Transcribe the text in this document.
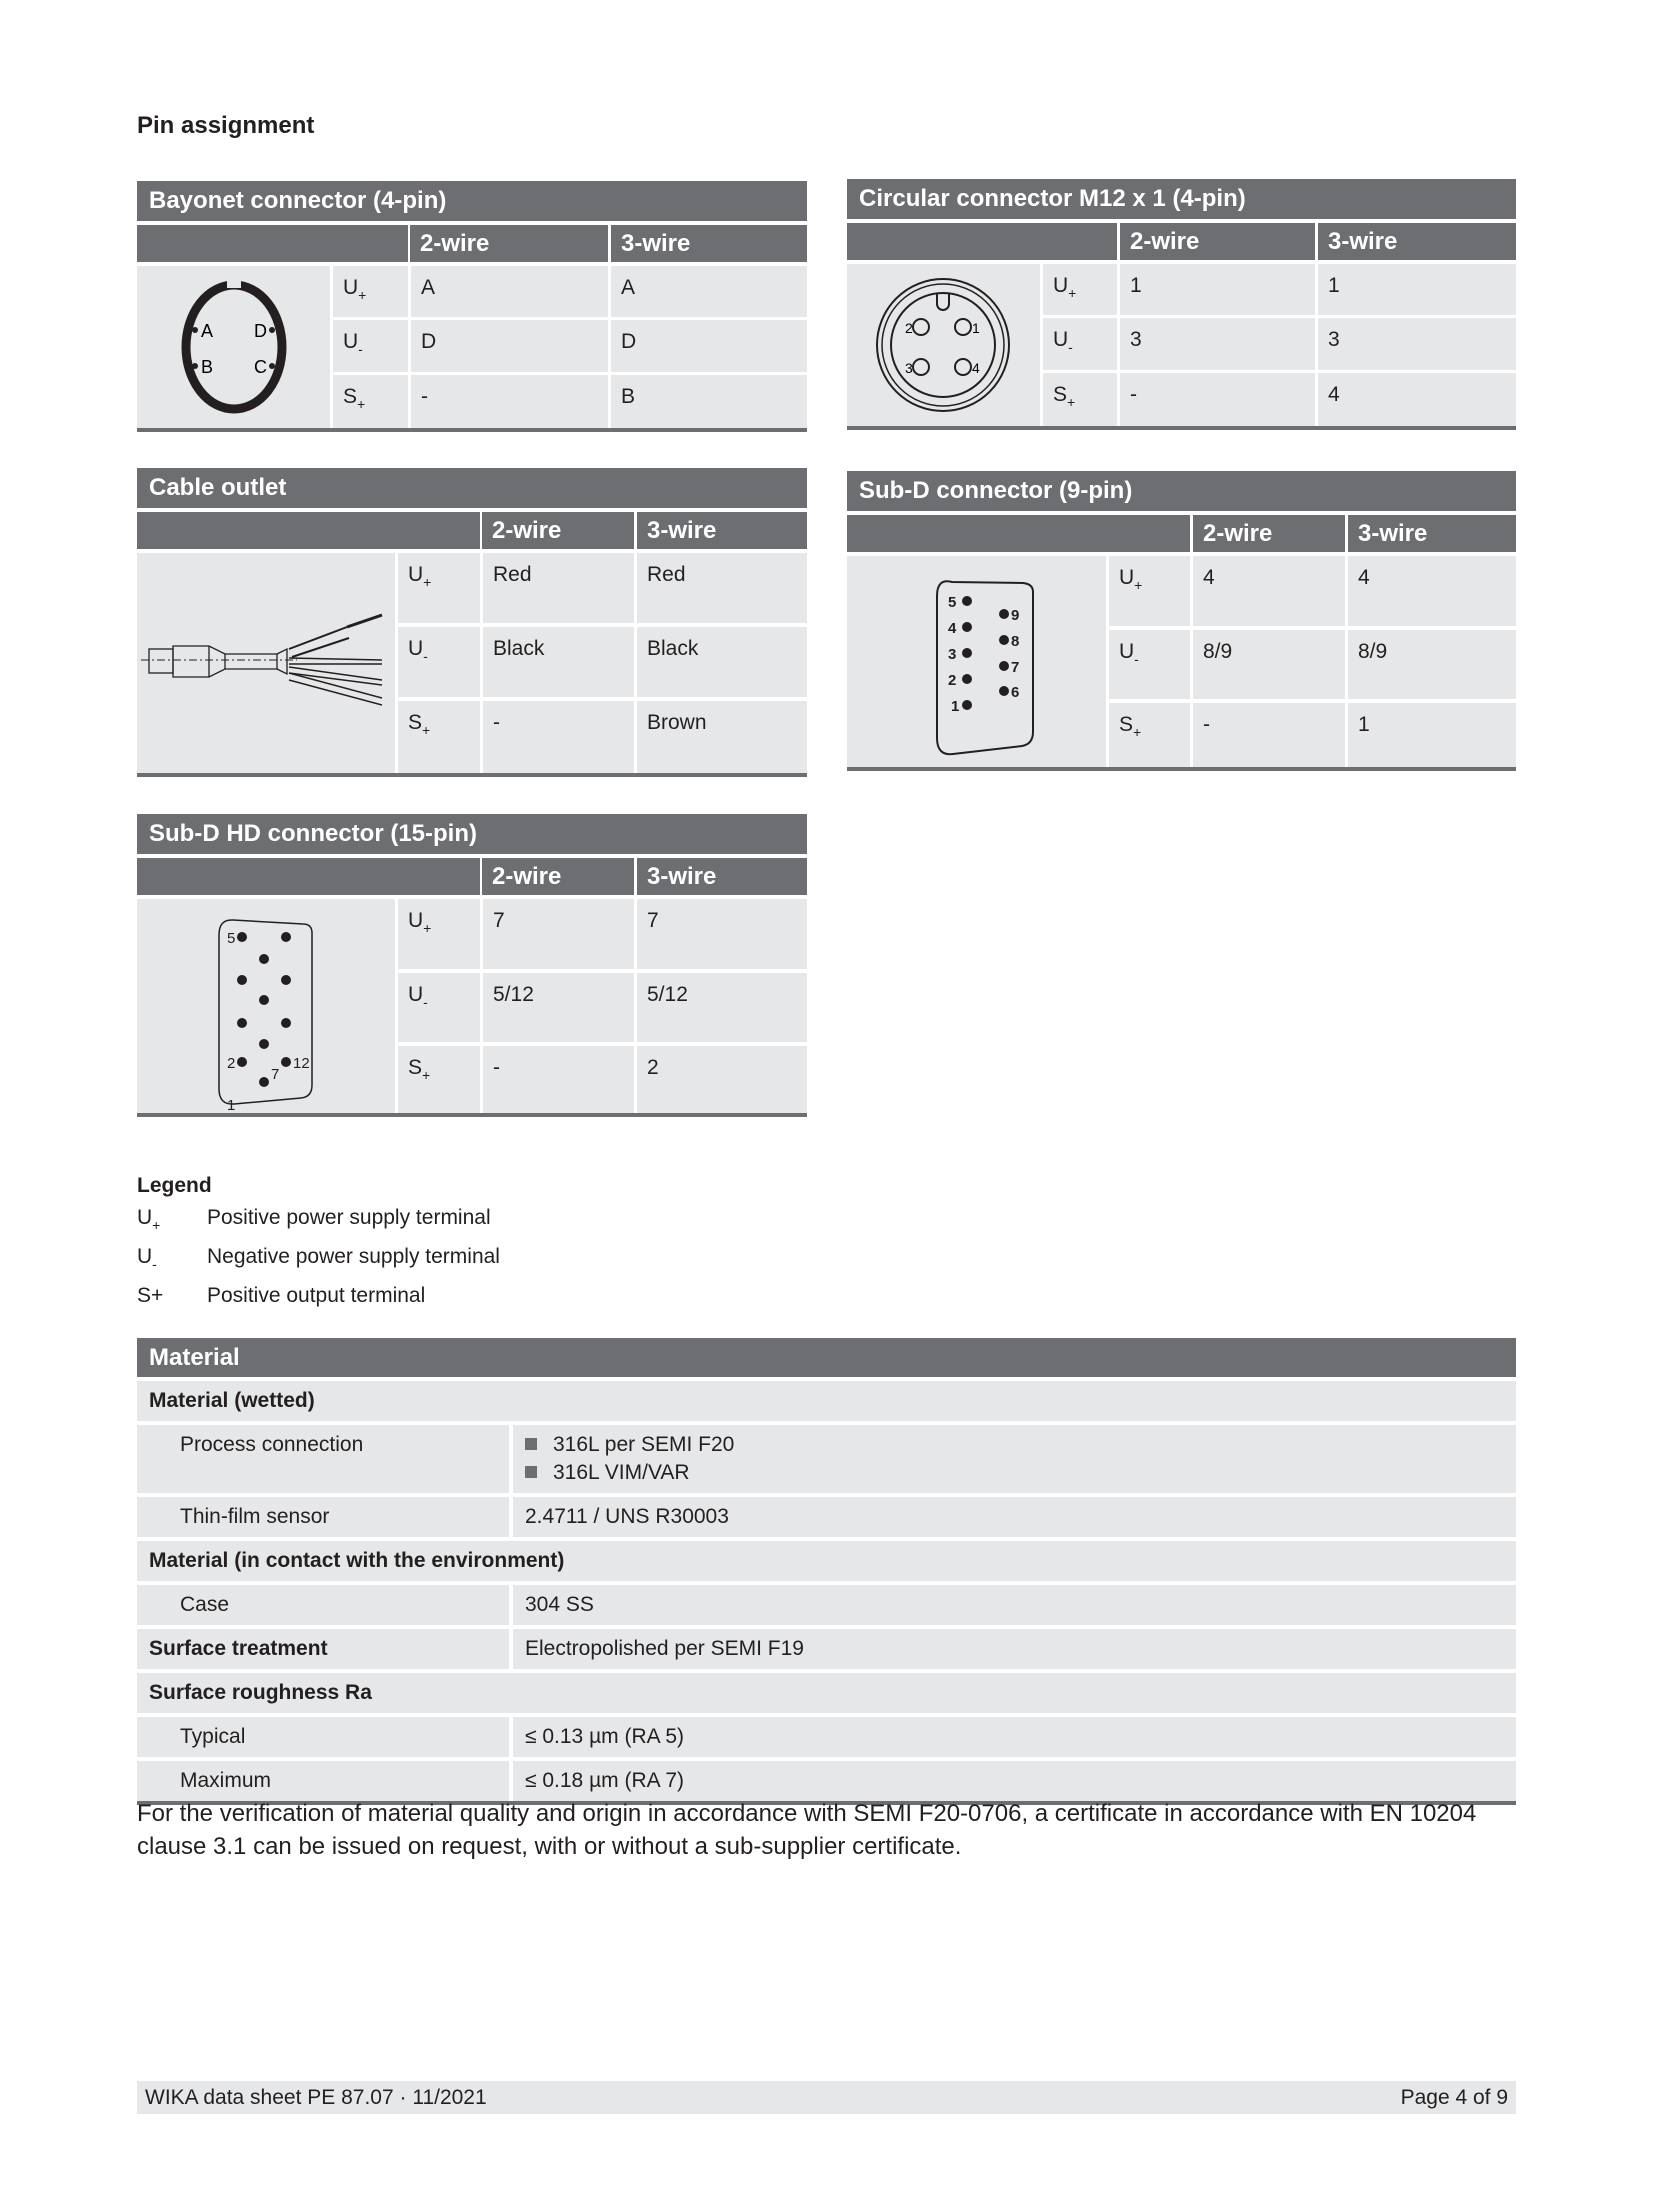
Pin assignment
Bayonet connector (4-pin)
2-wire	3-wire
A D
B C
$U_+$	A	A
$U_-$	D	D
$S_+$	-	B
Circular connector M12 x 1 (4-pin)
2-wire	3-wire
2	1
3	4
$U_+$	1	1
$U_-$	3	3
$S_+$	-	4
Cable outlet
2-wire	3-wire
$U_+$	Red	Red
$U_-$	Black	Black
$S_+$	-	Brown
Sub-D connector (9-pin)
2-wire	3-wire
5
4
3
2
1
9
8
7
6
$U_+$	4	4
$U_-$	8/9	8/9
$S_+$	-	1
Sub-D HD connector (15-pin)
2-wire	3-wire
5
2	12
7
1
$U_+$	7	7
$U_-$	5/12	5/12
$S_+$	-	2
Legend
$U_+$	Positive power supply terminal
$U_-$	Negative power supply terminal
S+	Positive output terminal
Material
Material (wetted)
Process connection	316L per SEMI F20
316L VIM/VAR
Thin-film sensor	2.4711 / UNS R30003
Material (in contact with the environment)
Case	304 SS
Surface treatment	Electropolished per SEMI F19
Surface roughness Ra
Typical	≤ 0.13 µm (RA 5)
Maximum	≤ 0.18 µm (RA 7)
For the verification of material quality and origin in accordance with SEMI F20-0706, a certificate in accordance with EN 10204 clause 3.1 can be issued on request, with or without a sub-supplier certificate.
WIKA data sheet PE 87.07 · 11/2021	Page 4 of 9
